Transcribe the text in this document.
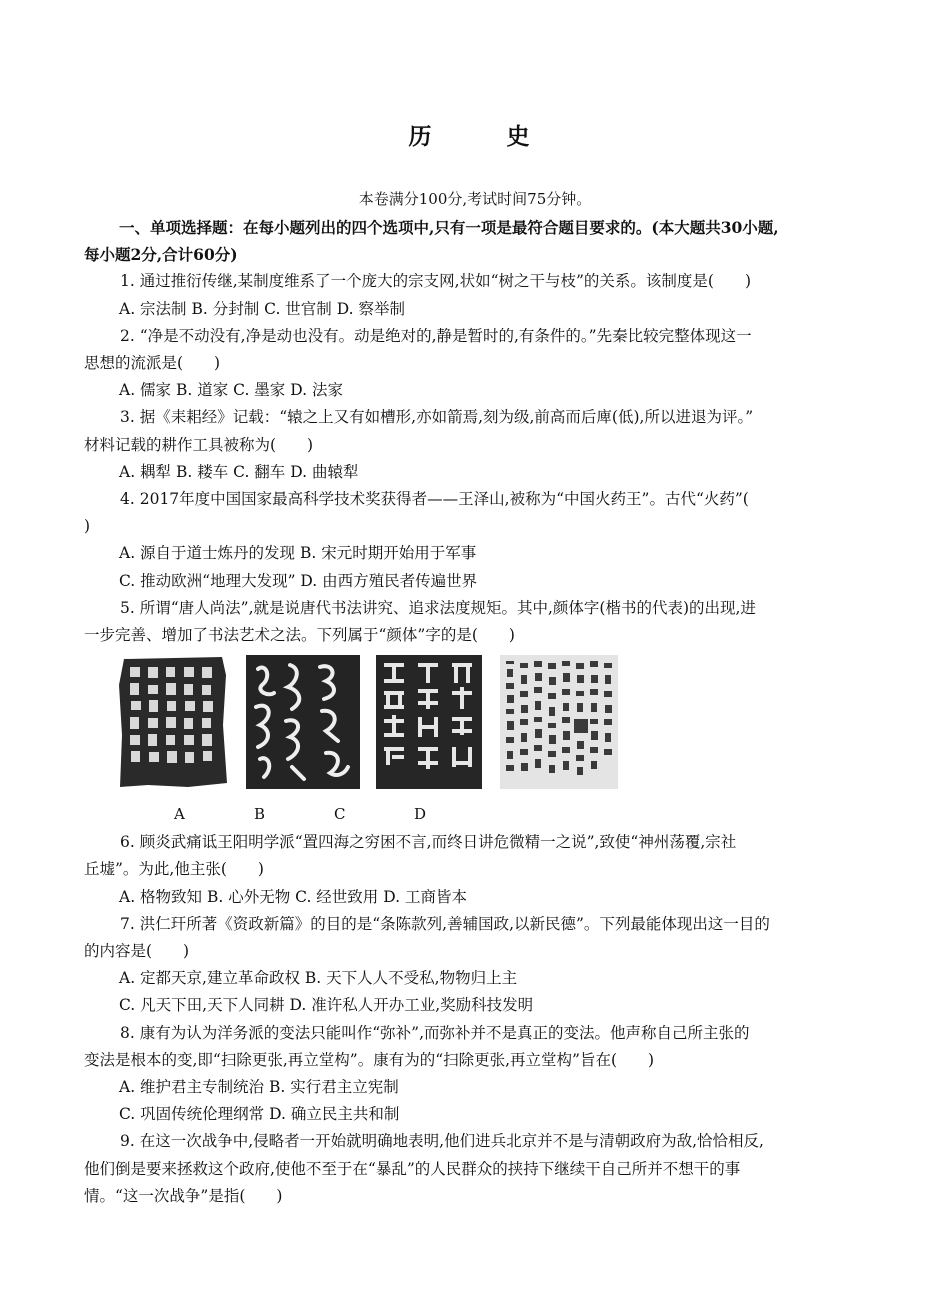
历　史
本卷满分100分,考试时间75分钟。
一、单项选择题：在每小题列出的四个选项中,只有一项是最符合题目要求的。(本大题共30小题,
每小题2分,合计60分)
1. 通过推衍传继,某制度维系了一个庞大的宗支网,状如“树之干与枝”的关系。该制度是(　　)
A. 宗法制 B. 分封制 C. 世官制 D. 察举制
2. “净是不动没有,净是动也没有。动是绝对的,静是暂时的,有条件的。”先秦比较完整体现这一
思想的流派是(　　)
A. 儒家 B. 道家 C. 墨家 D. 法家
3. 据《耒耜经》记载：“辕之上又有如槽形,亦如箭焉,刻为级,前高而后庳(低),所以进退为评。”
材料记载的耕作工具被称为(　　)
A. 耦犁 B. 耧车 C. 翻车 D. 曲辕犁
4. 2017年度中国国家最高科学技术奖获得者——王泽山,被称为“中国火药王”。古代“火药”(
)
A. 源自于道士炼丹的发现 B. 宋元时期开始用于军事
C. 推动欧洲“地理大发现” D. 由西方殖民者传遍世界
5. 所谓“唐人尚法”,就是说唐代书法讲究、追求法度规矩。其中,颜体字(楷书的代表)的出现,进
一步完善、增加了书法艺术之法。下列属于“颜体”字的是(　　)
A	B	C	D
6. 顾炎武痛诋王阳明学派“置四海之穷困不言,而终日讲危微精一之说”,致使“神州荡覆,宗社
丘墟”。为此,他主张(　　)
A. 格物致知 B. 心外无物 C. 经世致用 D. 工商皆本
7. 洪仁玕所著《资政新篇》的目的是“条陈款列,善辅国政,以新民德”。下列最能体现出这一目的
的内容是(　　)
A. 定都天京,建立革命政权 B. 天下人人不受私,物物归上主
C. 凡天下田,天下人同耕 D. 准许私人开办工业,奖励科技发明
8. 康有为认为洋务派的变法只能叫作“弥补”,而弥补并不是真正的变法。他声称自己所主张的
变法是根本的变,即“扫除更张,再立堂构”。康有为的“扫除更张,再立堂构”旨在(　　)
A. 维护君主专制统治 B. 实行君主立宪制
C. 巩固传统伦理纲常 D. 确立民主共和制
9. 在这一次战争中,侵略者一开始就明确地表明,他们进兵北京并不是与清朝政府为敌,恰恰相反,
他们倒是要来拯救这个政府,使他不至于在“暴乱”的人民群众的挟持下继续干自己所并不想干的事
情。“这一次战争”是指(　　)
